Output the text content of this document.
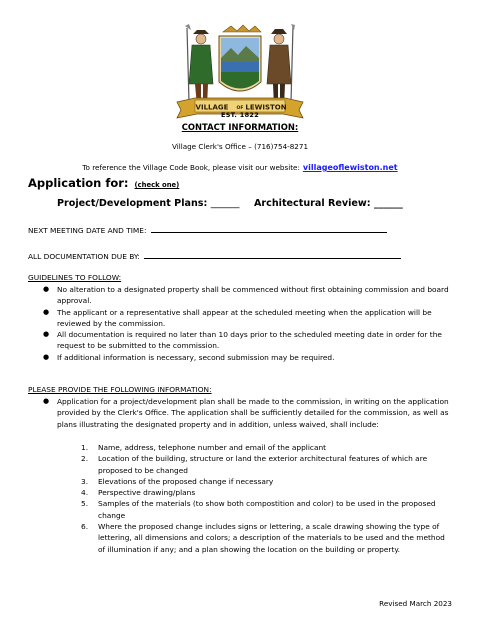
VILLAGE OF LEWISTON
EST. 1822
CONTACT INFORMATION:
Village Clerk's Office – (716)754-8271
To reference the Village Code Book, please visit our website: villageoflewiston.net
Application for: (check one)
Project/Development Plans: ______ Architectural Review: ______
NEXT MEETING DATE AND TIME:
ALL DOCUMENTATION DUE BY:
GUIDELINES TO FOLLOW:
● No alteration to a designated property shall be commenced without first obtaining commission and board approval.
● The applicant or a representative shall appear at the scheduled meeting when the application will be reviewed by the commission.
● All documentation is required no later than 10 days prior to the scheduled meeting date in order for the request to be submitted to the commission.
● If additional information is necessary, second submission may be required.
PLEASE PROVIDE THE FOLLOWING INFORMATION:
● Application for a project/development plan shall be made to the commission, in writing on the application provided by the Clerk's Office. The application shall be sufficiently detailed for the commission, as well as plans illustrating the designated property and in addition, unless waived, shall include:
1. Name, address, telephone number and email of the applicant
2. Location of the building, structure or land the exterior architectural features of which are proposed to be changed
3. Elevations of the proposed change if necessary
4. Perspective drawing/plans
5. Samples of the materials (to show both compostition and color) to be used in the proposed change
6. Where the proposed change includes signs or lettering, a scale drawing showing the type of lettering, all dimensions and colors; a description of the materials to be used and the method of illumination if any; and a plan showing the location on the building or property.
Revised March 2023
